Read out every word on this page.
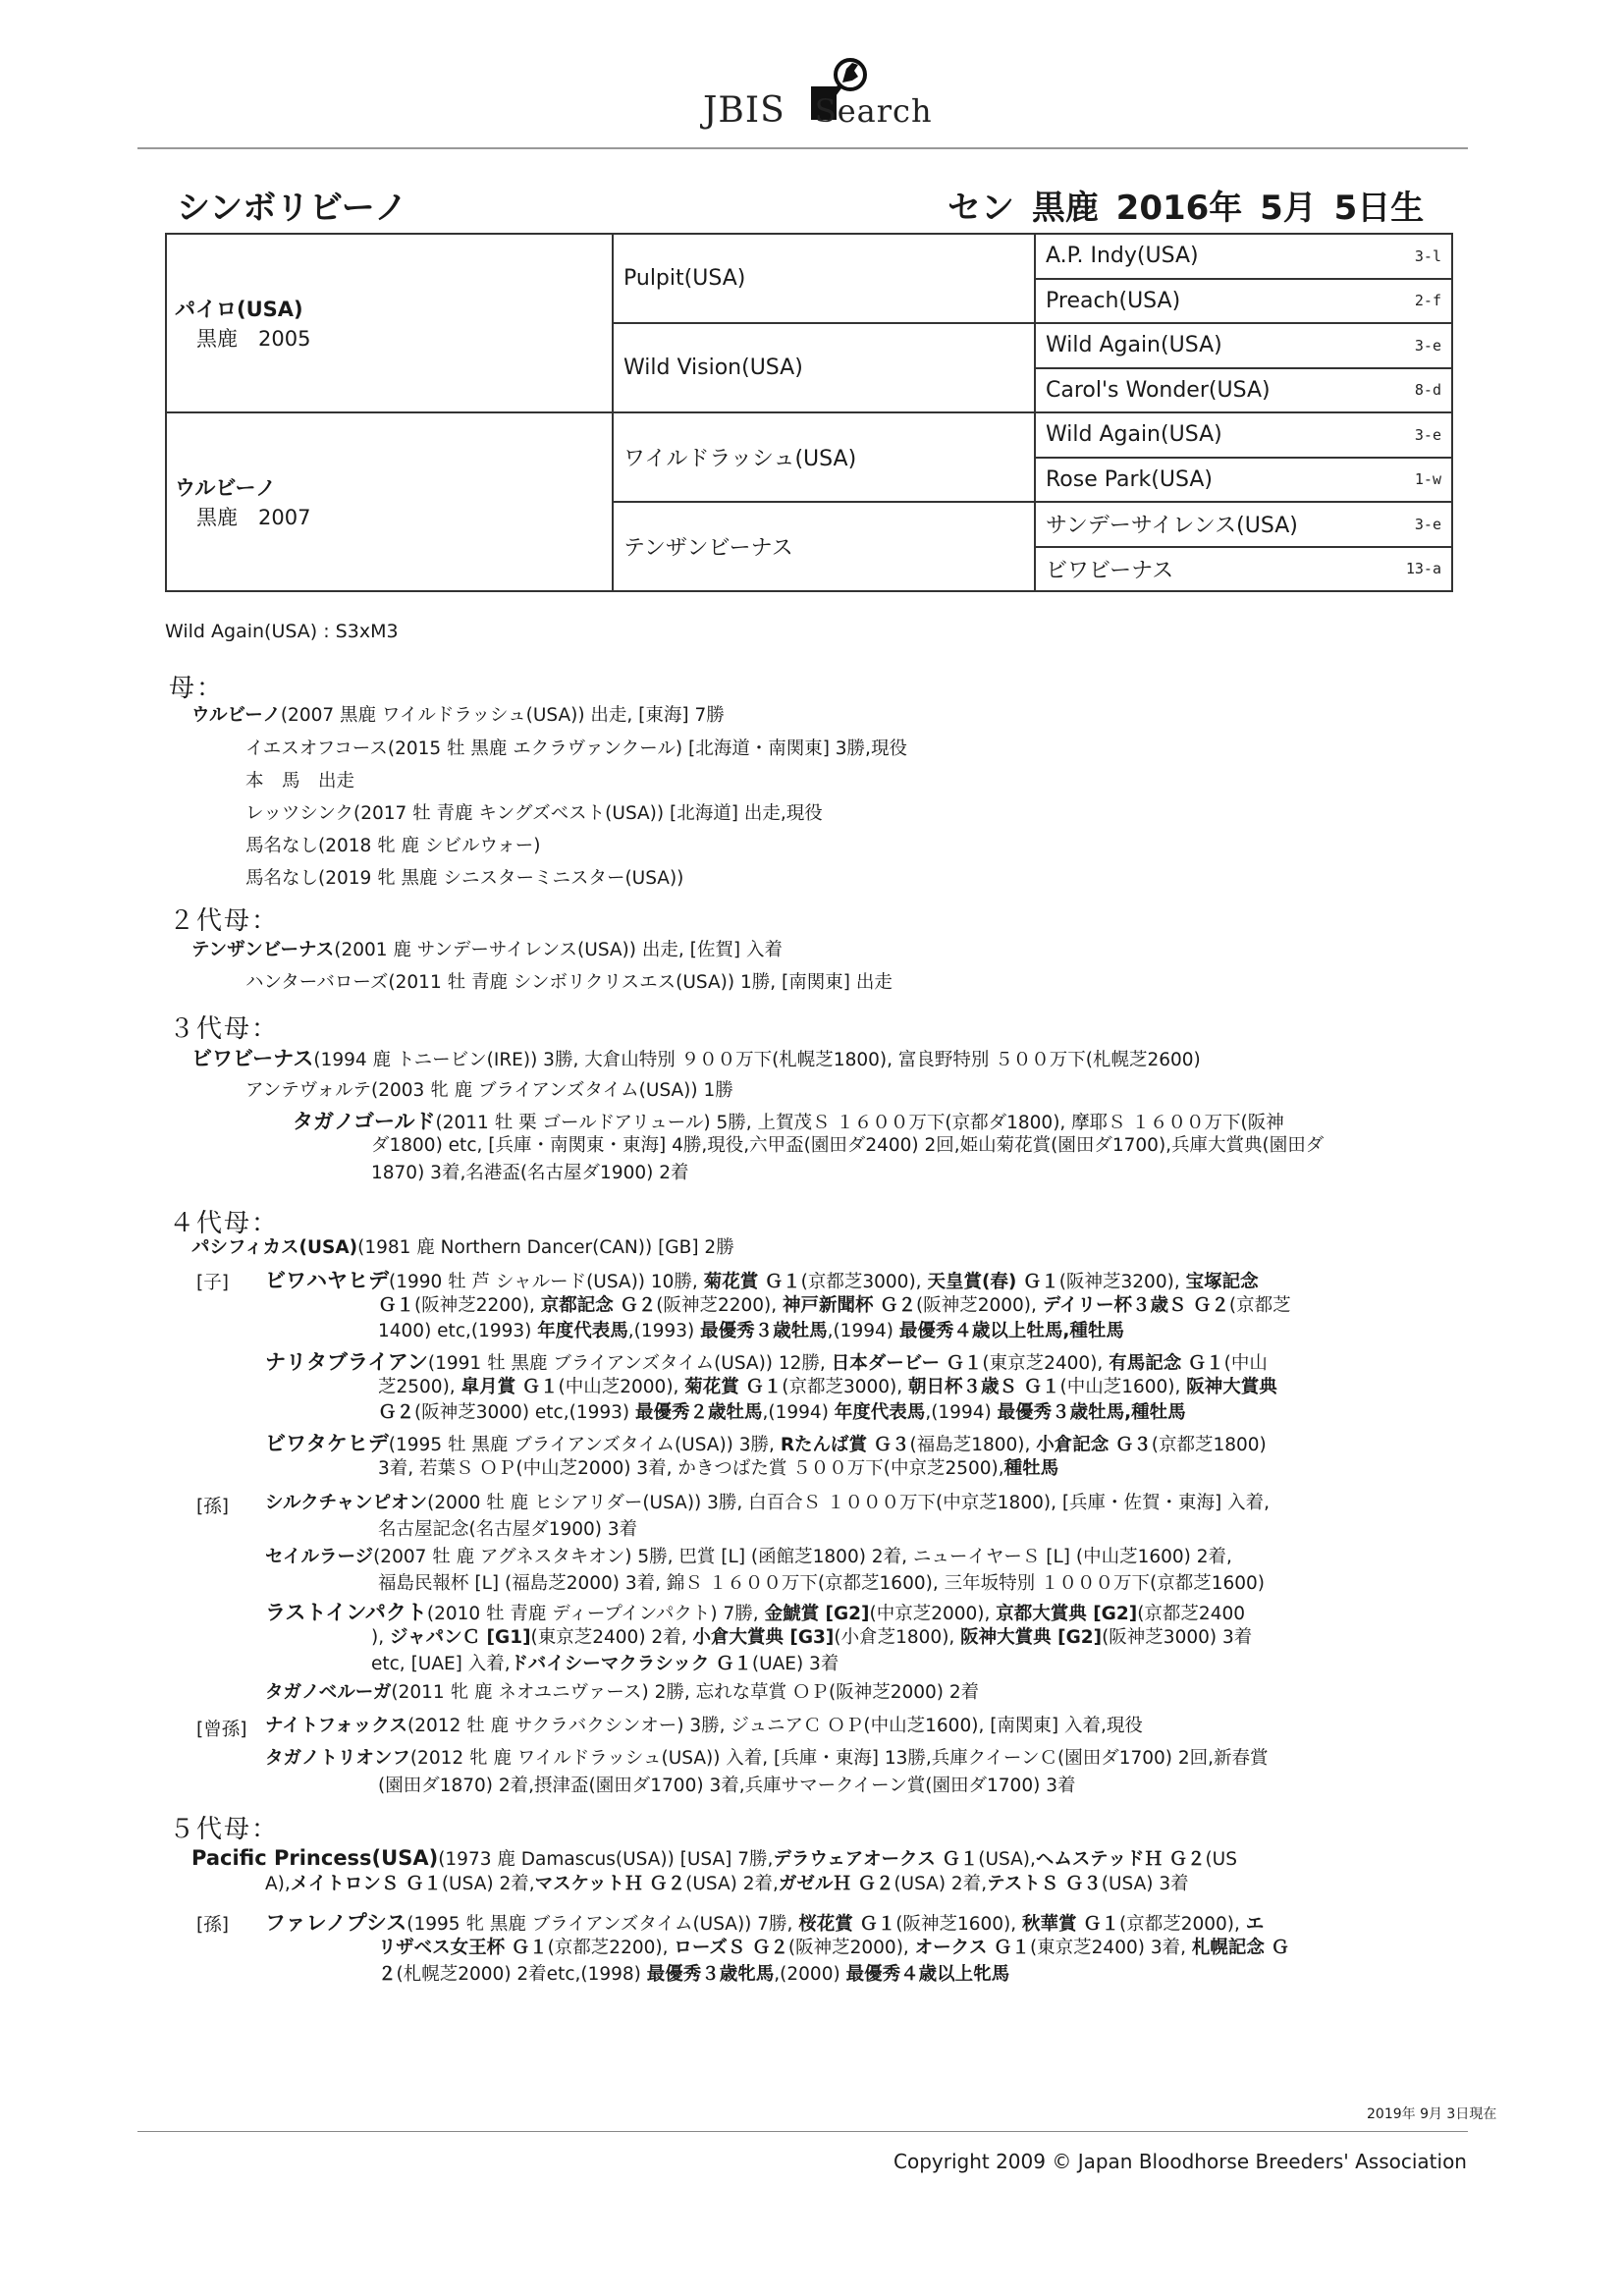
JBIS Search
シンボリビーノ	セン 黒鹿 2016年 5月 5日生
パイロ(USA)
黒鹿　2005	Pulpit(USA)	A.P. Indy(USA) 3-l

		Preach(USA) 2-f

	Wild Vision(USA)	Wild Again(USA) 3-e

		Carol's Wonder(USA) 8-d

ウルビーノ
黒鹿　2007	ワイルドラッシュ(USA)	Wild Again(USA) 3-e

		Rose Park(USA) 1-w

	テンザンビーナス	サンデーサイレンス(USA) 3-e

		ビワビーナス 13-a
Wild Again(USA) : S3xM3
母：
２代母：
３代母：
４代母：
５代母：
[子]
[孫]
[曾孫]
[孫]
ウルビーノ(2007 黒鹿 ワイルドラッシュ(USA)) 出走, [東海] 7勝
イエスオフコース(2015 牡 黒鹿 エクラヴァンクール) [北海道・南関東] 3勝,現役
本　馬　出走
レッツシンク(2017 牡 青鹿 キングズベスト(USA)) [北海道] 出走,現役
馬名なし(2018 牝 鹿 シビルウォー)
馬名なし(2019 牝 黒鹿 シニスターミニスター(USA))
テンザンビーナス(2001 鹿 サンデーサイレンス(USA)) 出走, [佐賀] 入着
ハンターバローズ(2011 牡 青鹿 シンボリクリスエス(USA)) 1勝, [南関東] 出走
ビワビーナス(1994 鹿 トニービン(IRE)) 3勝, 大倉山特別 ９００万下(札幌芝1800), 富良野特別 ５００万下(札幌芝2600)
アンテヴォルテ(2003 牝 鹿 ブライアンズタイム(USA)) 1勝
タガノゴールド(2011 牡 栗 ゴールドアリュール) 5勝, 上賀茂Ｓ １６００万下(京都ダ1800), 摩耶Ｓ １６００万下(阪神
ダ1800) etc, [兵庫・南関東・東海] 4勝,現役,六甲盃(園田ダ2400) 2回,姫山菊花賞(園田ダ1700),兵庫大賞典(園田ダ
1870) 3着,名港盃(名古屋ダ1900) 2着
パシフィカス(USA)(1981 鹿 Northern Dancer(CAN)) [GB] 2勝
ビワハヤヒデ(1990 牡 芦 シャルード(USA)) 10勝, 菊花賞 Ｇ１(京都芝3000), 天皇賞(春) Ｇ１(阪神芝3200), 宝塚記念
Ｇ１(阪神芝2200), 京都記念 Ｇ２(阪神芝2200), 神戸新聞杯 Ｇ２(阪神芝2000), デイリー杯３歳Ｓ Ｇ２(京都芝
1400) etc,(1993) 年度代表馬,(1993) 最優秀３歳牡馬,(1994) 最優秀４歳以上牡馬,種牡馬
ナリタブライアン(1991 牡 黒鹿 ブライアンズタイム(USA)) 12勝, 日本ダービー Ｇ１(東京芝2400), 有馬記念 Ｇ１(中山
芝2500), 皐月賞 Ｇ１(中山芝2000), 菊花賞 Ｇ１(京都芝3000), 朝日杯３歳Ｓ Ｇ１(中山芝1600), 阪神大賞典
Ｇ２(阪神芝3000) etc,(1993) 最優秀２歳牡馬,(1994) 年度代表馬,(1994) 最優秀３歳牡馬,種牡馬
ビワタケヒデ(1995 牡 黒鹿 ブライアンズタイム(USA)) 3勝, Rたんば賞 Ｇ３(福島芝1800), 小倉記念 Ｇ３(京都芝1800)
3着, 若葉Ｓ ＯＰ(中山芝2000) 3着, かきつばた賞 ５００万下(中京芝2500),種牡馬
シルクチャンピオン(2000 牡 鹿 ヒシアリダー(USA)) 3勝, 白百合Ｓ １０００万下(中京芝1800), [兵庫・佐賀・東海] 入着,
名古屋記念(名古屋ダ1900) 3着
セイルラージ(2007 牡 鹿 アグネスタキオン) 5勝, 巴賞 [L] (函館芝1800) 2着, ニューイヤーＳ [L] (中山芝1600) 2着,
福島民報杯 [L] (福島芝2000) 3着, 錦Ｓ １６００万下(京都芝1600), 三年坂特別 １０００万下(京都芝1600)
ラストインパクト(2010 牡 青鹿 ディープインパクト) 7勝, 金鯱賞 [G2](中京芝2000), 京都大賞典 [G2](京都芝2400
), ジャパンＣ [G1](東京芝2400) 2着, 小倉大賞典 [G3](小倉芝1800), 阪神大賞典 [G2](阪神芝3000) 3着
etc, [UAE] 入着,ドバイシーマクラシック Ｇ１(UAE) 3着
タガノベルーガ(2011 牝 鹿 ネオユニヴァース) 2勝, 忘れな草賞 ＯＰ(阪神芝2000) 2着
ナイトフォックス(2012 牡 鹿 サクラバクシンオー) 3勝, ジュニアＣ ＯＰ(中山芝1600), [南関東] 入着,現役
タガノトリオンフ(2012 牝 鹿 ワイルドラッシュ(USA)) 入着, [兵庫・東海] 13勝,兵庫クイーンＣ(園田ダ1700) 2回,新春賞
(園田ダ1870) 2着,摂津盃(園田ダ1700) 3着,兵庫サマークイーン賞(園田ダ1700) 3着
Pacific Princess(USA)(1973 鹿 Damascus(USA)) [USA] 7勝,デラウェアオークス Ｇ１(USA),ヘムステッドＨ Ｇ２(US
A),メイトロンＳ Ｇ１(USA) 2着,マスケットＨ Ｇ２(USA) 2着,ガゼルＨ Ｇ２(USA) 2着,テストＳ Ｇ３(USA) 3着
ファレノプシス(1995 牝 黒鹿 ブライアンズタイム(USA)) 7勝, 桜花賞 Ｇ１(阪神芝1600), 秋華賞 Ｇ１(京都芝2000), エ
リザベス女王杯 Ｇ１(京都芝2200), ローズＳ Ｇ２(阪神芝2000), オークス Ｇ１(東京芝2400) 3着, 札幌記念 Ｇ
２(札幌芝2000) 2着etc,(1998) 最優秀３歳牝馬,(2000) 最優秀４歳以上牝馬
2019年 9月 3日現在
Copyright 2009 © Japan Bloodhorse Breeders' Association
